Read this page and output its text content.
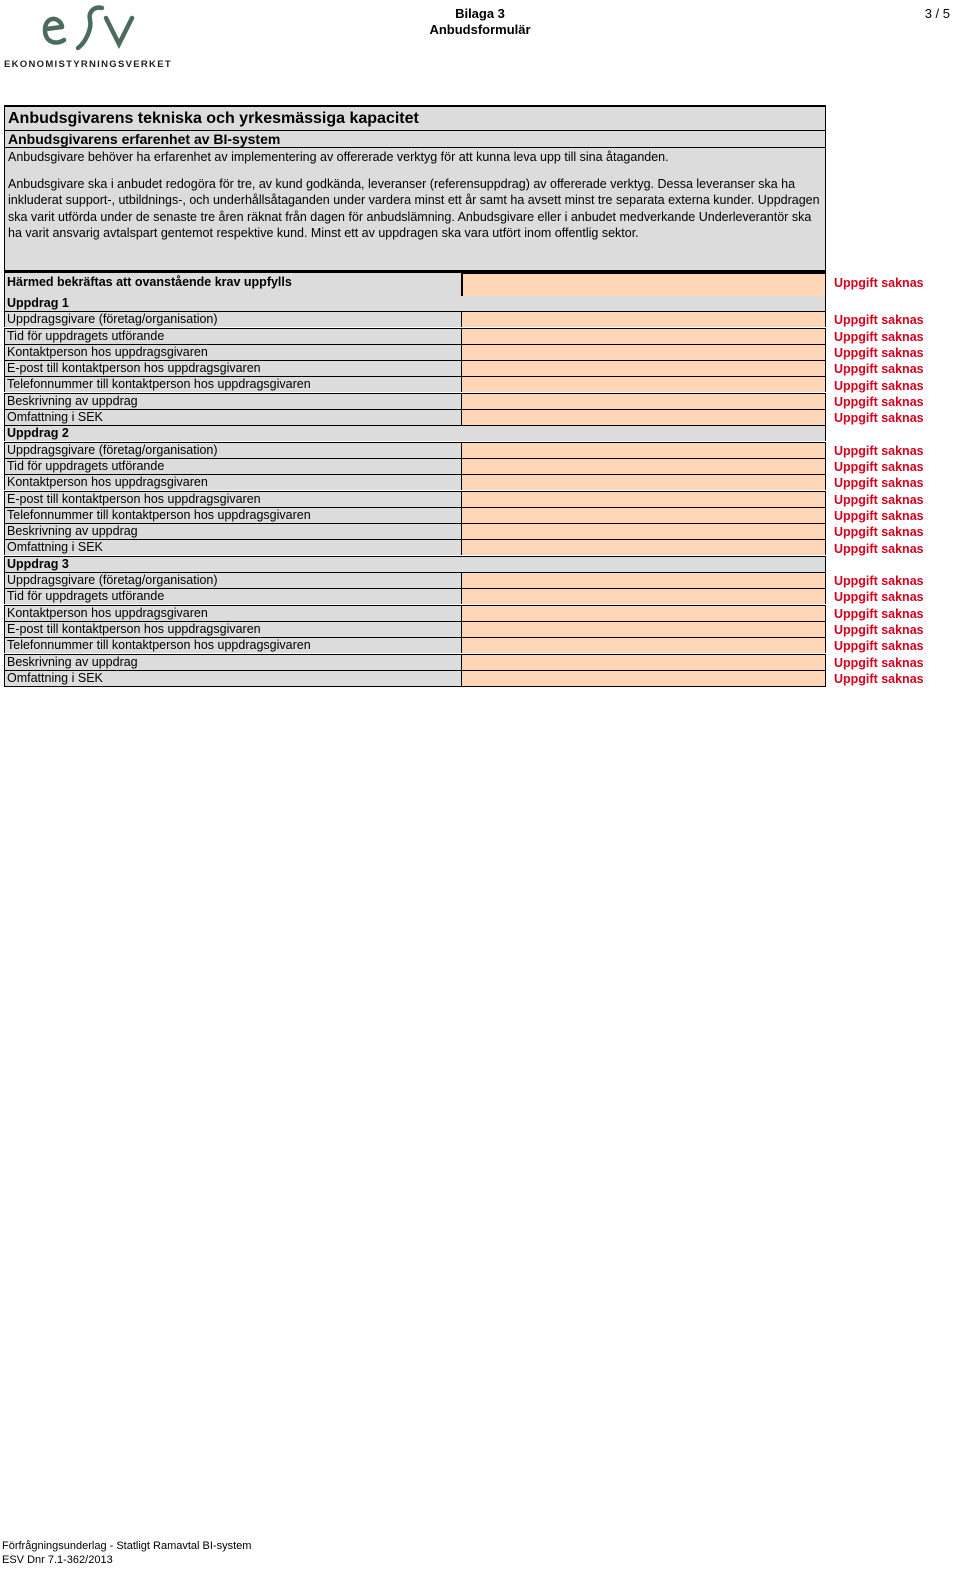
EKONOMISTYRNINGSVERKET
Bilaga 3
Anbudsformulär
3 / 5
Anbudsgivarens tekniska och yrkesmässiga kapacitet
Anbudsgivarens erfarenhet av BI-system
Anbudsgivare behöver ha erfarenhet av implementering av offererade verktyg för att kunna leva upp till sina åtaganden.
Anbudsgivare ska i anbudet redogöra för tre, av kund godkända, leveranser (referensuppdrag) av offererade verktyg. Dessa leveranser ska ha inkluderat support-, utbildnings-, och underhållsåtaganden under vardera minst ett år samt ha avsett minst tre separata externa kunder. Uppdragen ska varit utförda under de senaste tre åren räknat från dagen för anbudslämning. Anbudsgivare eller i anbudet medverkande Underleverantör ska ha varit ansvarig avtalspart gentemot respektive kund. Minst ett av uppdragen ska vara utfört inom offentlig sektor.
Härmed bekräftas att ovanstående krav uppfylls
Uppdrag 1
Uppdragsgivare (företag/organisation)
Tid för uppdragets utförande
Kontaktperson hos uppdragsgivaren
E-post till kontaktperson hos uppdragsgivaren
Telefonnummer till kontaktperson hos uppdragsgivaren
Beskrivning av uppdrag
Omfattning i SEK
Uppdrag 2
Uppdragsgivare (företag/organisation)
Tid för uppdragets utförande
Kontaktperson hos uppdragsgivaren
E-post till kontaktperson hos uppdragsgivaren
Telefonnummer till kontaktperson hos uppdragsgivaren
Beskrivning av uppdrag
Omfattning i SEK
Uppdrag 3
Uppdragsgivare (företag/organisation)
Tid för uppdragets utförande
Kontaktperson hos uppdragsgivaren
E-post till kontaktperson hos uppdragsgivaren
Telefonnummer till kontaktperson hos uppdragsgivaren
Beskrivning av uppdrag
Omfattning i SEK
Uppgift saknas
Uppgift saknas
Uppgift saknas
Uppgift saknas
Uppgift saknas
Uppgift saknas
Uppgift saknas
Uppgift saknas
Uppgift saknas
Uppgift saknas
Uppgift saknas
Uppgift saknas
Uppgift saknas
Uppgift saknas
Uppgift saknas
Uppgift saknas
Uppgift saknas
Uppgift saknas
Uppgift saknas
Uppgift saknas
Uppgift saknas
Uppgift saknas
Förfrågningsunderlag - Statligt Ramavtal BI-system
ESV Dnr 7.1-362/2013
